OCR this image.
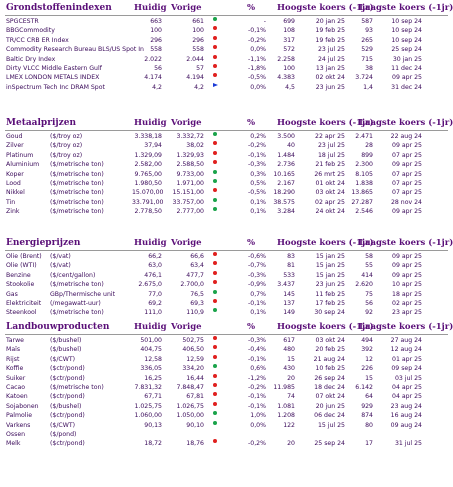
Grondstoffenindexen	Huidig Vorige	%	Hoogste koers (-1jr)
Laagste koers (-1jr)
SPGCESTR	663	661	-	699	20 jan 25	587	10 sep 24
BBGCommodity	100	100	-0,1%	108	19 feb 25	93	10 sep 24
TR/CC CRB ER Index	296	296	-0,2%	317	19 feb 25	265	10 sep 24
Commodity Research Bureau BLS/US Spot In	558	558	0,0%	572	23 jul 25	529	25 sep 24
Baltic Dry Index	2.022	2.044	-1,1%	2.258	24 jul 25	715	30 jan 25
Dirty VLCC Middle Eastern Gulf	56	57	-1,8%	100	13 jan 25	38	11 dec 24
LMEX LONDON METALS INDEX	4.174	4.194	-0,5%	4.383	02 okt 24	3.724	09 apr 25
inSpectrum Tech Inc DRAM Spot	4,2	4,2	0,0%	4,5	23 jun 25	1,4	31 dec 24
Metaalprijzen	Huidig Vorige	%	Hoogste koers (-1jr)
Laagste koers (-1jr)
Goud	3.338,18	3.332,72	0,2%	3.500	22 apr 25	2.471	22 aug 24
($/troy oz)
Zilver	37,94	38,02	-0,2%	40	23 jul 25	28	09 apr 25
($/troy oz)
Platinum	1.329,09	1.329,93	-0,1%	1.484	18 jul 25	899	07 apr 25
($/troy oz)
Aluminium	2.582,00	2.588,50	-0,3%	2.736	21 feb 25	2.300	09 apr 25
($/metrische ton)
Koper	9.765,00	9.733,00	0,3%	10.165	26 mrt 25	8.105	07 apr 25
($/metrische ton)
Lood	1.980,50	1.971,00	0,5%	2.167	01 okt 24	1.838	07 apr 25
($/metrische ton)
Nikkel	15.070,00	15.151,00	-0,5%	18.290	03 okt 24	13.865	07 apr 25
($/metrische ton)
Tin	33.791,00	33.757,00	0,1%	38.575	02 apr 25	27.287	28 nov 24
($/metrische ton)
Zink	2.778,50	2.777,00	0,1%	3.284	24 okt 24	2.546	09 apr 25
($/metrische ton)
Energieprijzen	Huidig Vorige	%	Hoogste koers (-1jr)
Laagste koers (-1jr)
Olie (Brent)	66,2	66,6	-0,6%	83	15 jan 25	58	09 apr 25
($/vat)
Olie (WTI)	63,0	63,4	-0,7%	81	15 jan 25	55	09 apr 25
($/vat)
Benzine	476,1	477,7	-0,3%	533	15 jan 25	414	09 apr 25
($/cent/gallon)
Stookolie	2.675,0	2.700,0	-0,9%	3.437	23 jun 25	2.620	10 apr 25
($/metrische ton)
Gas	77,0	76,5	0,7%	145	11 feb 25	75	18 apr 25
GBp/Thermische unit
Elektriciteit	69,2	69,3	-0,1%	137	17 feb 25	56	02 apr 25
(/megawatt-uur)
Steenkool	111,0	110,9	0,1%	149	30 sep 24	92	23 apr 25
($/metrische ton)
Landbouwproducten	Huidig Vorige	%	Hoogste koers (-1jr)
Laagste koers (-1jr)
Tarwe	501,00	502,75	-0,3%	617	03 okt 24	494	27 aug 24
($/bushel)
Maïs	404,75	406,50	-0,4%	480	20 feb 25	392	12 aug 24
($/bushel)
Rijst	12,58	12,59	-0,1%	15	21 aug 24	12	01 apr 25
($/CWT)
Koffie	336,05	334,20	0,6%	430	10 feb 25	226	09 sep 24
($ctr/pond)
Suiker	16,25	16,44	-1,2%	20	26 sep 24	15	03 jul 25
($ctr/pond)
Cacao	7.831,32	7.848,47	-0,2%	11.985	18 dec 24	6.142	04 apr 25
($/metrische ton)
Katoen	67,71	67,81	-0,1%	74	07 okt 24	64	04 apr 25
($ctr/pond)
Sojabonen	1.025,75	1.026,75	-0,1%	1.081	20 jun 25	929	23 aug 24
($/bushel)
Palmolie	1.060,00	1.050,00	1,0%	1.208	06 dec 24	874	16 aug 24
($ctr/pond)
Varkens	90,13	90,10	0,0%	122	15 jul 25	80	09 aug 24
($/CWT)
Ossen	($/pond)
Melk	18,72	18,76	-0,2%	20	25 sep 24	17	31 jul 25
($ctr/pond)
